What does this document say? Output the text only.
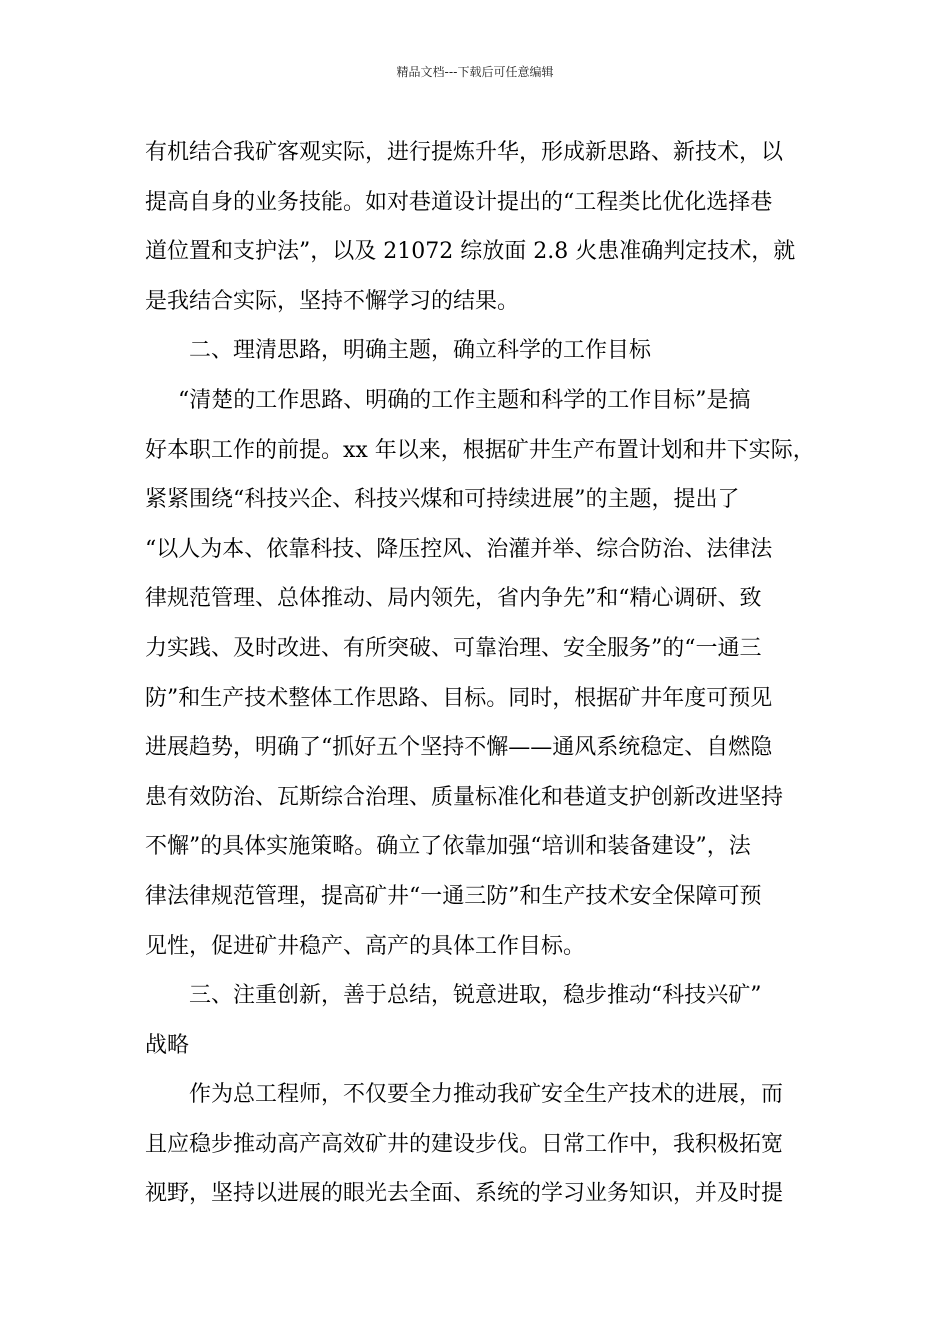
精品文档---下载后可任意编辑
有机结合我矿客观实际，进行提炼升华，形成新思路、新技术，以
提高自身的业务技能。如对巷道设计提出的“工程类比优化选择巷
道位置和支护法”，以及 21072 综放面 2.8 火患准确判定技术，就
是我结合实际，坚持不懈学习的结果。
二、理清思路，明确主题，确立科学的工作目标
“清楚的工作思路、明确的工作主题和科学的工作目标”是搞
好本职工作的前提。xx 年以来，根据矿井生产布置计划和井下实际，
紧紧围绕“科技兴企、科技兴煤和可持续进展”的主题，提出了
“以人为本、依靠科技、降压控风、治灌并举、综合防治、法律法
律规范管理、总体推动、局内领先，省内争先”和“精心调研、致
力实践、及时改进、有所突破、可靠治理、安全服务”的“一通三
防”和生产技术整体工作思路、目标。同时，根据矿井年度可预见
进展趋势，明确了“抓好五个坚持不懈——通风系统稳定、自燃隐
患有效防治、瓦斯综合治理、质量标准化和巷道支护创新改进坚持
不懈”的具体实施策略。确立了依靠加强“培训和装备建设”，法
律法律规范管理，提高矿井“一通三防”和生产技术安全保障可预
见性，促进矿井稳产、高产的具体工作目标。
三、注重创新，善于总结，锐意进取，稳步推动“科技兴矿”
战略
作为总工程师，不仅要全力推动我矿安全生产技术的进展，而
且应稳步推动高产高效矿井的建设步伐。日常工作中，我积极拓宽
视野，坚持以进展的眼光去全面、系统的学习业务知识，并及时提
